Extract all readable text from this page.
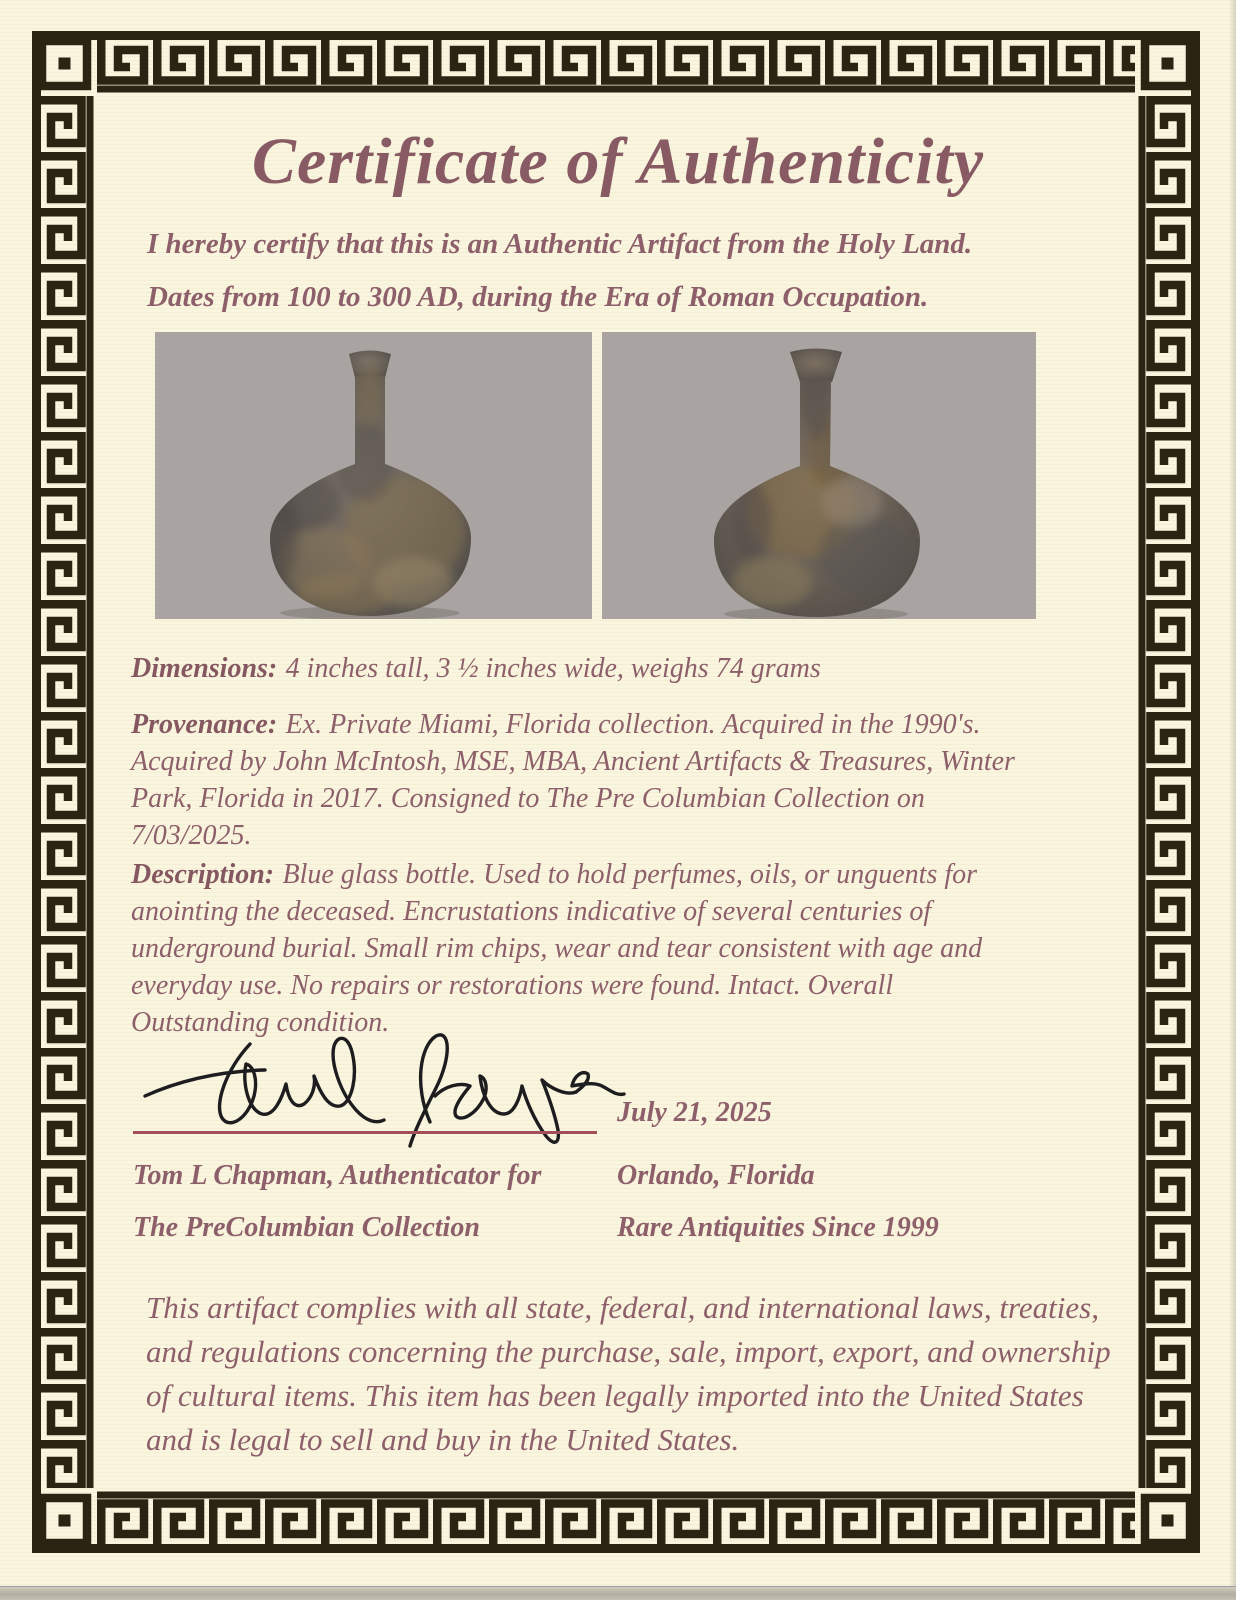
Certificate of Authenticity
I hereby certify that this is an Authentic Artifact from the Holy Land.
Dates from 100 to 300 AD, during the Era of Roman Occupation.

Dimensions: 4 inches tall, 3 ½ inches wide, weighs 74 grams

Provenance: Ex. Private Miami, Florida collection. Acquired in the 1990's. Acquired by John McIntosh, MSE, MBA, Ancient Artifacts & Treasures, Winter Park, Florida in 2017. Consigned to The Pre Columbian Collection on 7/03/2025.

Description: Blue glass bottle. Used to hold perfumes, oils, or unguents for anointing the deceased. Encrustations indicative of several centuries of underground burial. Small rim chips, wear and tear consistent with age and everyday use. No repairs or restorations were found. Intact. Overall Outstanding condition.

July 21, 2025

Tom L Chapman, Authenticator for	Orlando, Florida

The PreColumbian Collection	Rare Antiquities Since 1999

This artifact complies with all state, federal, and international laws, treaties, and regulations concerning the purchase, sale, import, export, and ownership of cultural items. This item has been legally imported into the United States and is legal to sell and buy in the United States.
